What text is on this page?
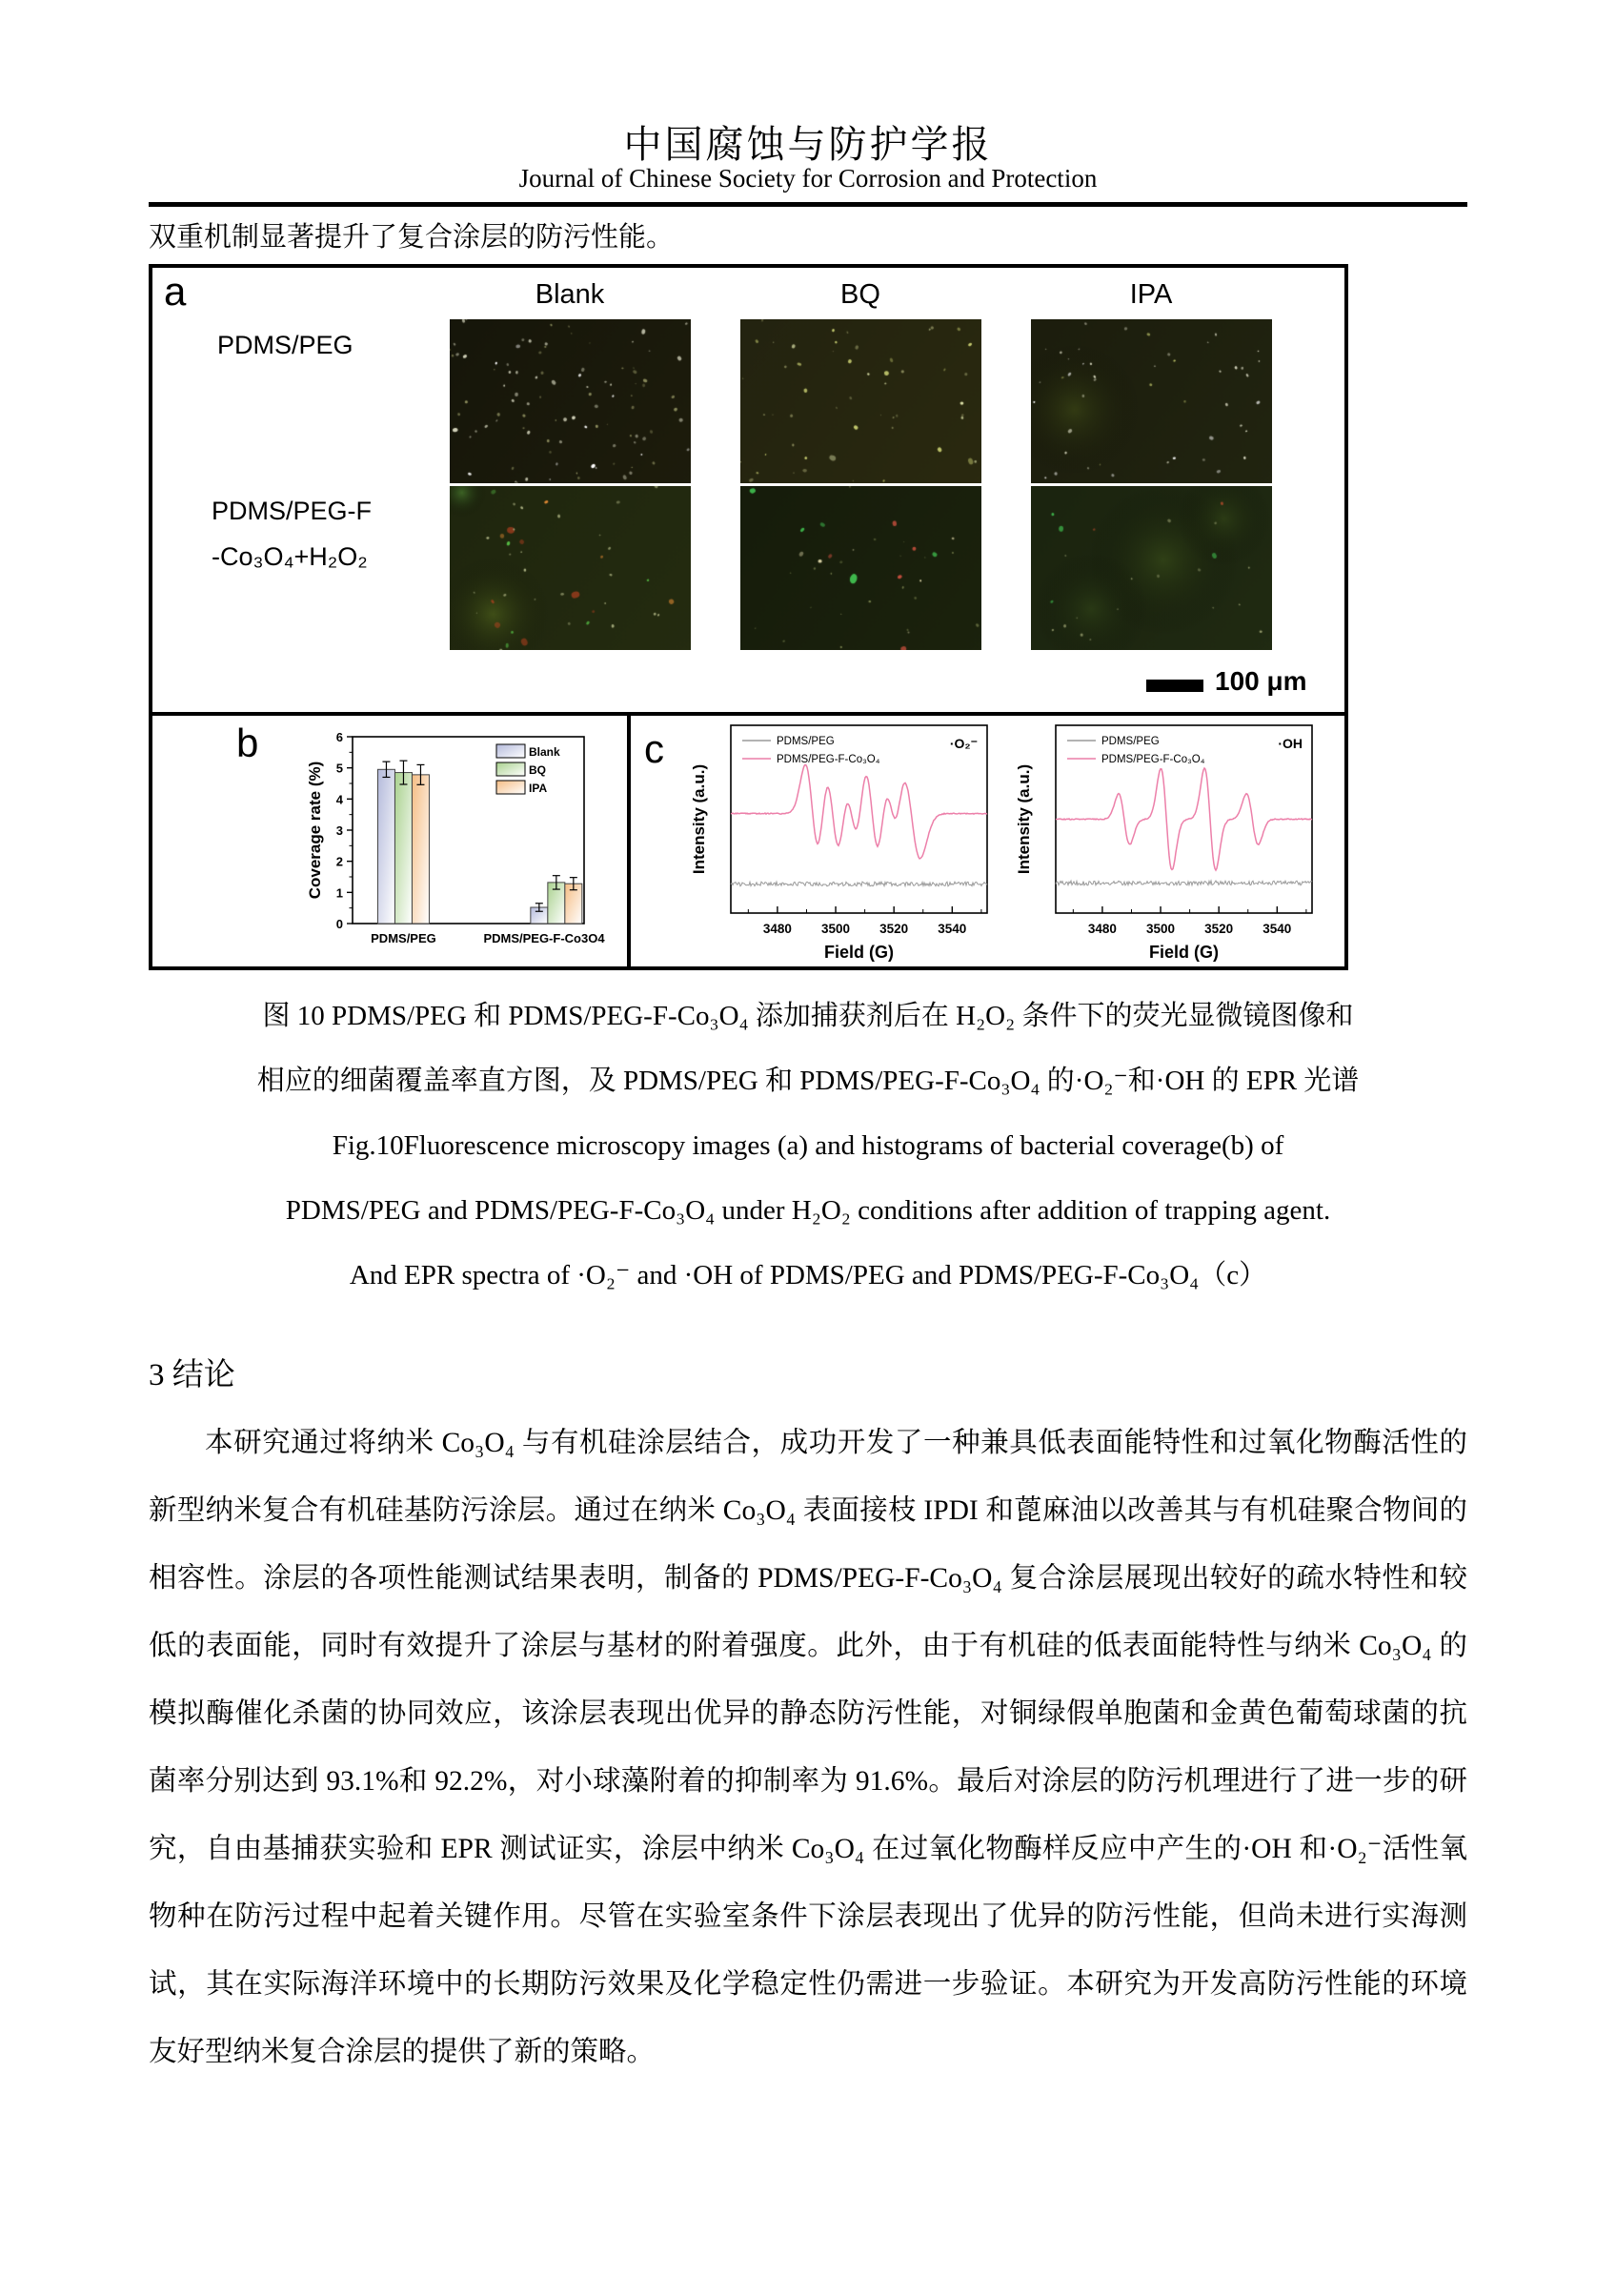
中国腐蚀与防护学报
Journal of Chinese Society for Corrosion and Protection
双重机制显著提升了复合涂层的防污性能。
a	Blank	BQ	IPA
PDMS/PEG
PDMS/PEG-F
-Co₃O₄+H₂O₂
100 μm
b
0
1
2
3
4
5
6
Coverage rate (%)
PDMS/PEG	PDMS/PEG-F-Co3O4
Blank
BQ
IPA
c
3480 3500 3520 3540
Field (G)
Intensity (a.u.)
PDMS/PEG
PDMS/PEG-F-Co₃O₄
·O₂⁻
3480 3500 3520 3540
Field (G)
Intensity (a.u.)
PDMS/PEG
PDMS/PEG-F-Co₃O₄
·OH
图 10 PDMS/PEG 和 PDMS/PEG-F-Co₃O₄ 添加捕获剂后在 H₂O₂ 条件下的荧光显微镜图像和
相应的细菌覆盖率直方图，及 PDMS/PEG 和 PDMS/PEG-F-Co₃O₄ 的·O₂⁻和·OH 的 EPR 光谱
Fig.10Fluorescence microscopy images (a) and histograms of bacterial coverage(b) of
PDMS/PEG and PDMS/PEG-F-Co₃O₄ under H₂O₂ conditions after addition of trapping agent.
And EPR spectra of ·O₂⁻ and ·OH of PDMS/PEG and PDMS/PEG-F-Co₃O₄（c）
3 结论
本研究通过将纳米 Co₃O₄ 与有机硅涂层结合，成功开发了一种兼具低表面能特性和过氧化物酶活性的新型纳米复合有机硅基防污涂层。通过在纳米 Co₃O₄ 表面接枝 IPDI 和蓖麻油以改善其与有机硅聚合物间的相容性。涂层的各项性能测试结果表明，制备的 PDMS/PEG-F-Co₃O₄ 复合涂层展现出较好的疏水特性和较低的表面能，同时有效提升了涂层与基材的附着强度。此外，由于有机硅的低表面能特性与纳米 Co₃O₄ 的模拟酶催化杀菌的协同效应，该涂层表现出优异的静态防污性能，对铜绿假单胞菌和金黄色葡萄球菌的抗菌率分别达到 93.1%和 92.2%，对小球藻附着的抑制率为 91.6%。最后对涂层的防污机理进行了进一步的研究，自由基捕获实验和 EPR 测试证实，涂层中纳米 Co₃O₄ 在过氧化物酶样反应中产生的·OH 和·O₂⁻活性氧物种在防污过程中起着关键作用。尽管在实验室条件下涂层表现出了优异的防污性能，但尚未进行实海测试，其在实际海洋环境中的长期防污效果及化学稳定性仍需进一步验证。本研究为开发高防污性能的环境友好型纳米复合涂层的提供了新的策略。
